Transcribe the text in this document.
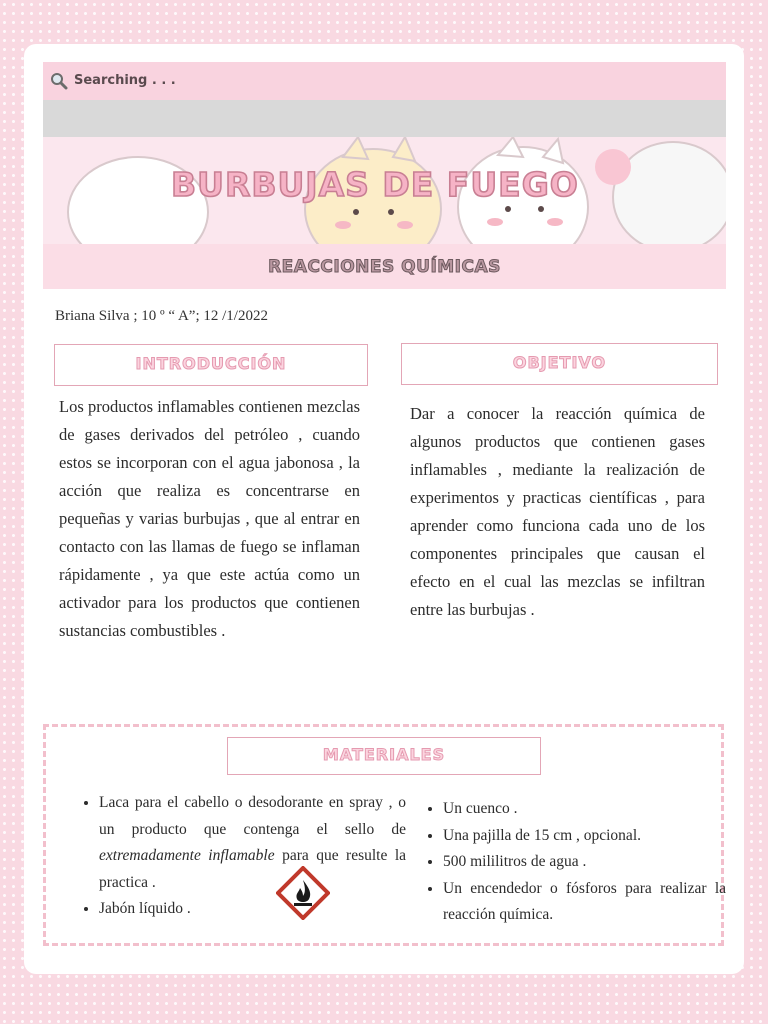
Searching . . .
BURBUJAS DE FUEGO
REACCIONES QUÍMICAS
Briana Silva ; 10 º “ A”; 12 /1/2022
INTRODUCCIÓN	OBJETIVO
Los productos inflamables contienen mezclas de gases derivados del petróleo , cuando estos se incorporan con el agua jabonosa , la acción que realiza es concentrarse en pequeñas y varias burbujas , que al entrar en contacto con las llamas de fuego se inflaman rápidamente , ya que este actúa como un activador para los productos que contienen sustancias combustibles .
Dar a conocer la reacción química de algunos productos que contienen gases inflamables , mediante la realización de experimentos y practicas científicas , para aprender como funciona cada uno de los componentes principales que causan el efecto en el cual las mezclas se infiltran entre las burbujas .
MATERIALES
• Laca para el cabello o desodorante en spray , o un producto que contenga el sello de extremadamente inflamable para que resulte la practica .
• Jabón líquido .
• Un cuenco .
• Una pajilla de 15 cm , opcional.
• 500 mililitros de agua .
• Un encendedor o fósforos para realizar la reacción química.
